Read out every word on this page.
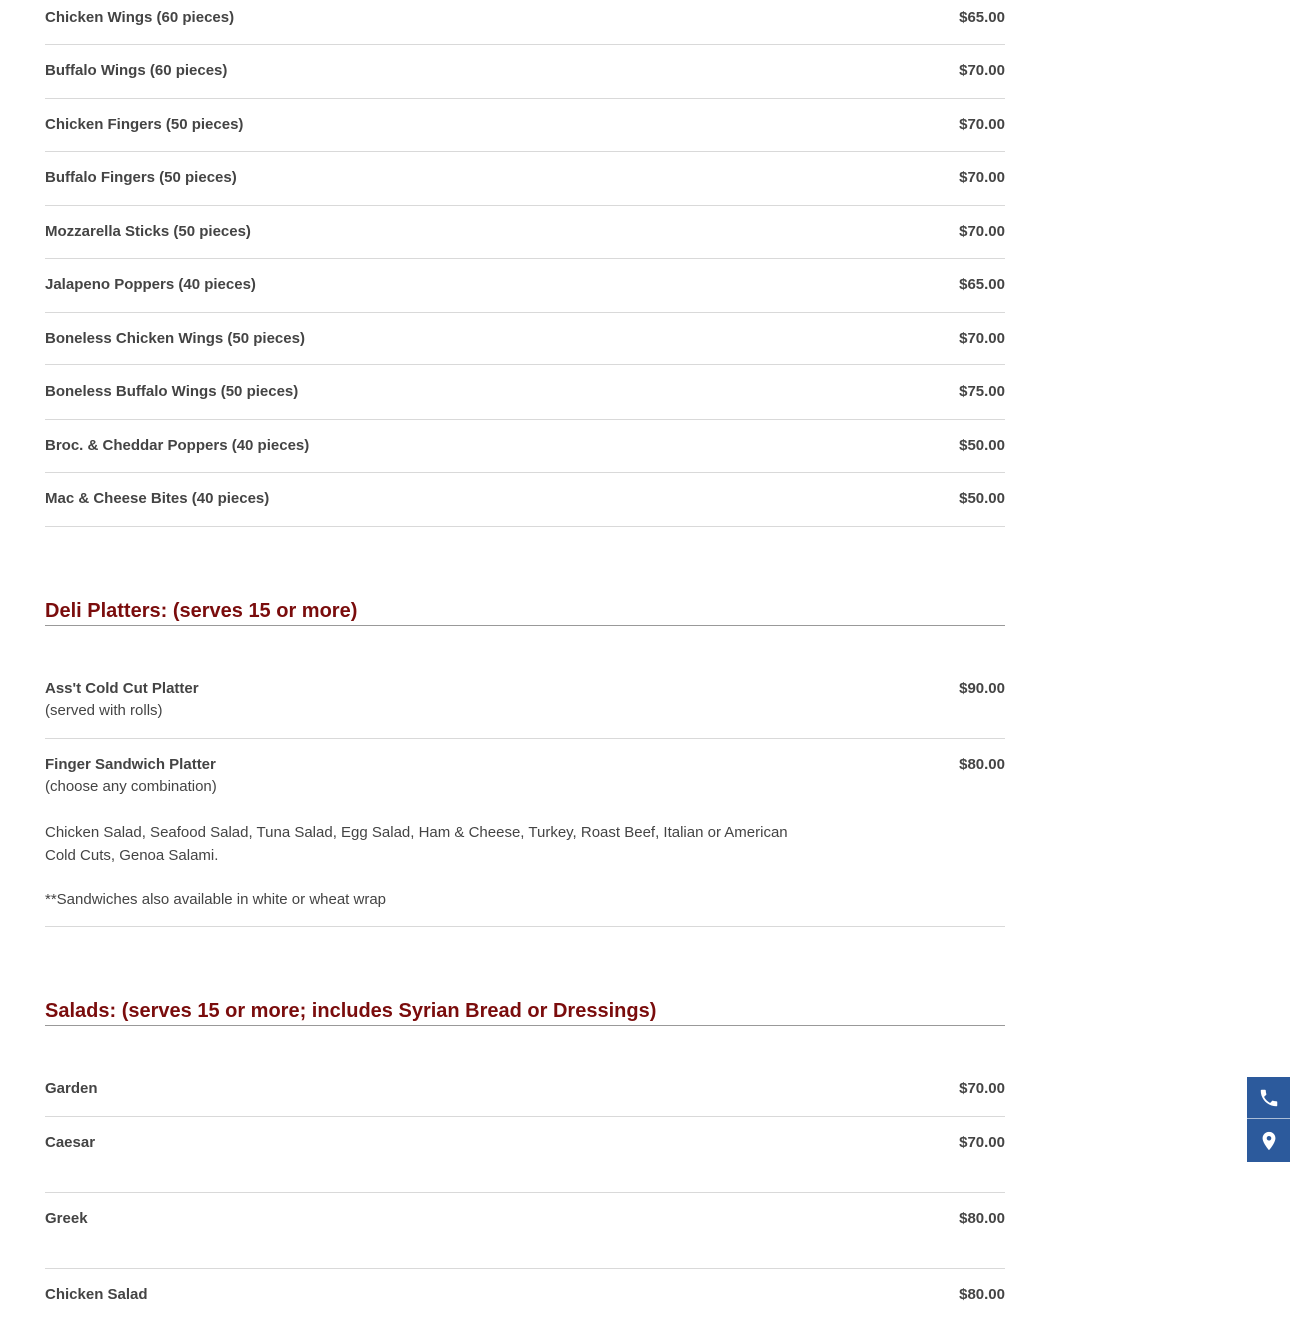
Chicken Wings (60 pieces)	$65.00
Buffalo Wings (60 pieces)	$70.00
Chicken Fingers (50 pieces)	$70.00
Buffalo Fingers (50 pieces)	$70.00
Mozzarella Sticks (50 pieces)	$70.00
Jalapeno Poppers (40 pieces)	$65.00
Boneless Chicken Wings (50 pieces)	$70.00
Boneless Buffalo Wings (50 pieces)	$75.00
Broc. & Cheddar Poppers (40 pieces)	$50.00
Mac & Cheese Bites (40 pieces)	$50.00
Deli Platters: (serves 15 or more)
Ass't Cold Cut Platter	$90.00
(served with rolls)
Finger Sandwich Platter	$80.00
(choose any combination)
Chicken Salad, Seafood Salad, Tuna Salad, Egg Salad, Ham & Cheese, Turkey, Roast Beef, Italian or American Cold Cuts, Genoa Salami.
**Sandwiches also available in white or wheat wrap
Salads: (serves 15 or more; includes Syrian Bread or Dressings)
Garden	$70.00
Caesar	$70.00
Greek	$80.00
Chicken Salad	$80.00
